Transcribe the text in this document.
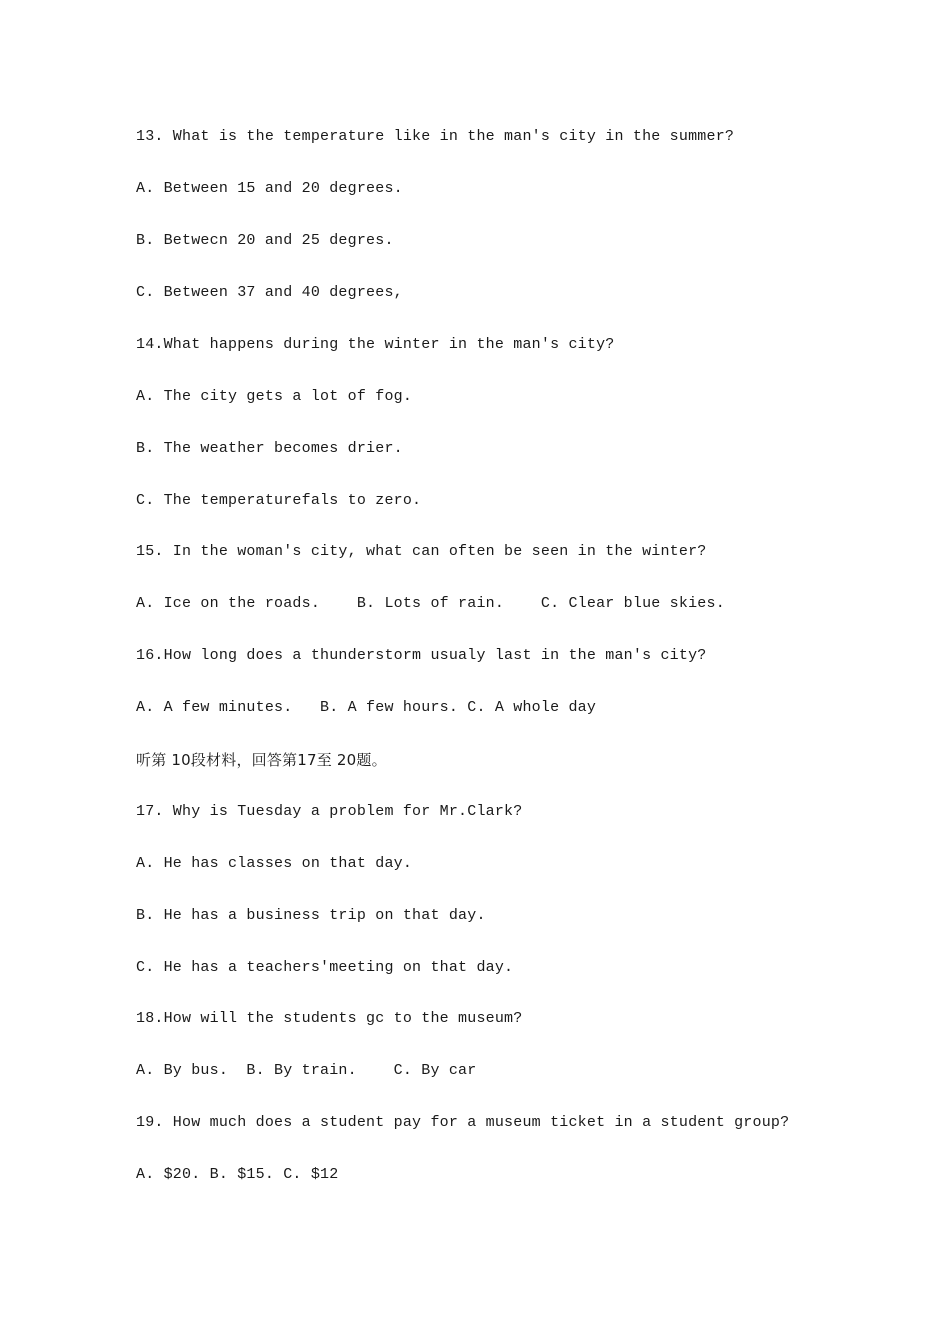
13. What is the temperature like in the man's city in the summer?
A. Between 15 and 20 degrees.
B. Betwecn 20 and 25 degres.
C. Between 37 and 40 degrees,
14.What happens during the winter in the man's city?
A. The city gets a lot of fog.
B. The weather becomes drier.
C. The temperaturefals to zero.
15. In the woman's city, what can often be seen in the winter?
A. Ice on the roads.    B. Lots of rain.    C. Clear blue skies.
16.How long does a thunderstorm usualy last in the man's city?
A. A few minutes.   B. A few hours. C. A whole day
听第 10段材料，回答第17至 20题。
17. Why is Tuesday a problem for Mr.Clark?
A. He has classes on that day.
B. He has a business trip on that day.
C. He has a teachers'meeting on that day.
18.How will the students gc to the museum?
A. By bus.  B. By train.    C. By car
19. How much does a student pay for a museum ticket in a student group?
A. $20. B. $15. C. $12
